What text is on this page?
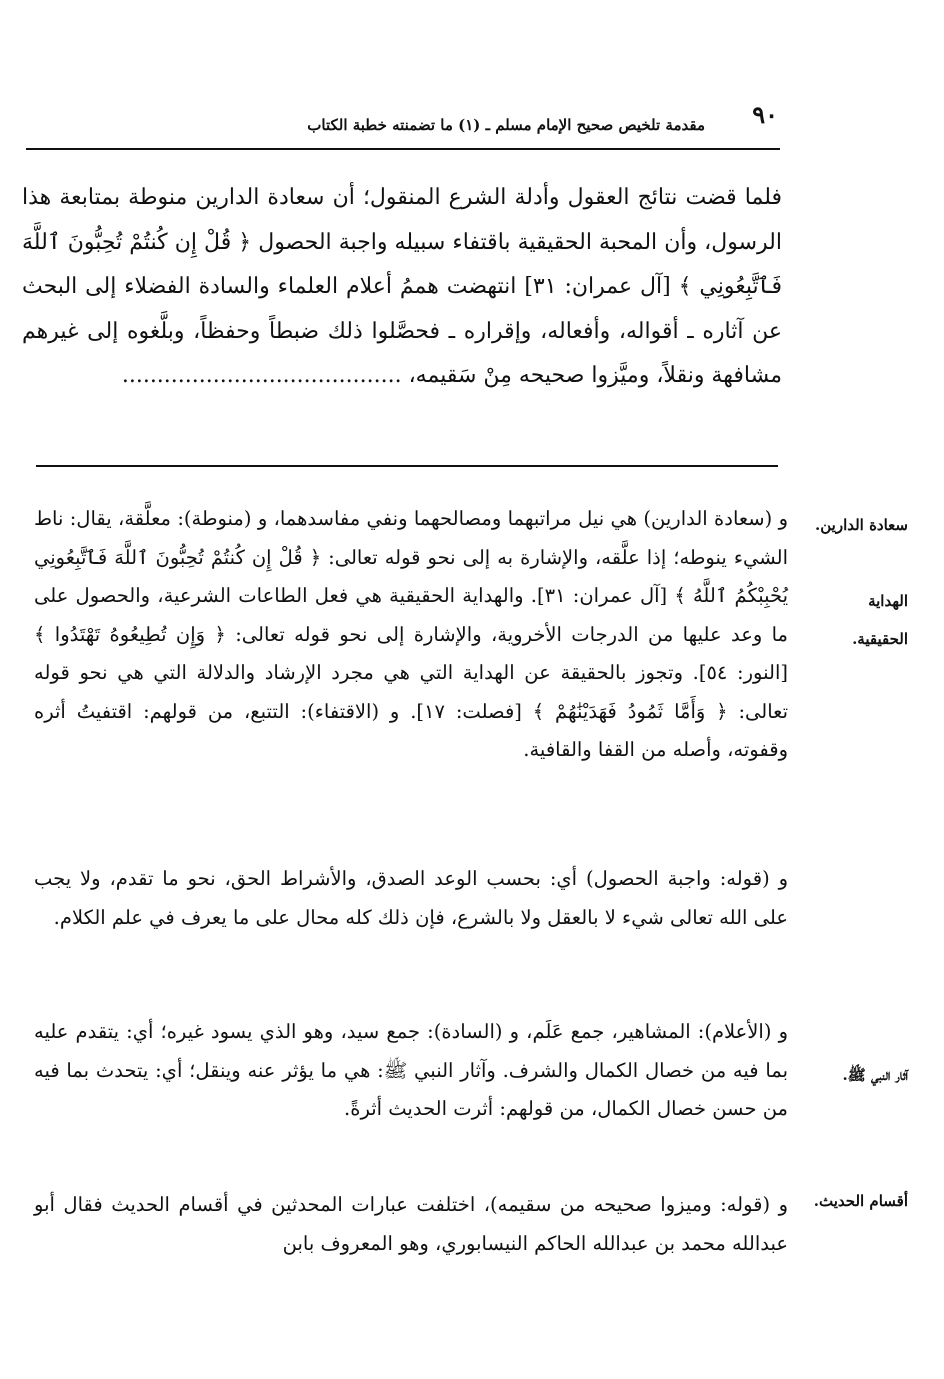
٩٠
مقدمة تلخيص صحيح الإمام مسلم ـ (١) ما تضمنته خطبة الكتاب

فلما قضت نتائج العقول وأدلة الشرع المنقول؛ أن سعادة الدارين منوطة بمتابعة هذا الرسول، وأن المحبة الحقيقية باقتفاء سبيله واجبة الحصول ﴿ قُلْ إِن كُنتُمْ تُحِبُّونَ ٱللَّهَ فَٱتَّبِعُونِي ﴾ [آل عمران: ٣١] انتهضت هممُ أعلام العلماء والسادة الفضلاء إلى البحث عن آثاره ـ أقواله، وأفعاله، وإقراره ـ فحصَّلوا ذلك ضبطاً وحفظاً، وبلَّغوه إلى غيرهم مشافهة ونقلاً، وميَّزوا صحيحه مِنْ سَقيمه، ........................................

سعادة الدارين.
الهداية
الحقيقية.
آثار النبي ﷺ.
أقسام الحديث.

و (سعادة الدارين) هي نيل مراتبهما ومصالحهما ونفي مفاسدهما، و (منوطة): معلَّقة، يقال: ناط الشيء ينوطه؛ إذا علَّقه، والإشارة به إلى نحو قوله تعالى: ﴿ قُلْ إِن كُنتُمْ تُحِبُّونَ ٱللَّهَ فَٱتَّبِعُونِي يُحْبِبْكُمُ ٱللَّهُ ﴾ [آل عمران: ٣١]. والهداية الحقيقية هي فعل الطاعات الشرعية، والحصول على ما وعد عليها من الدرجات الأخروية، والإشارة إلى نحو قوله تعالى: ﴿ وَإِن تُطِيعُوهُ تَهْتَدُوا ﴾ [النور: ٥٤]. وتجوز بالحقيقة عن الهداية التي هي مجرد الإرشاد والدلالة التي هي نحو قوله تعالى: ﴿ وَأَمَّا ثَمُودُ فَهَدَيْنَٰهُمْ ﴾ [فصلت: ١٧]. و (الاقتفاء): التتبع، من قولهم: اقتفيتُ أثره وقفوته، وأصله من القفا والقافية.

و (قوله: واجبة الحصول) أي: بحسب الوعد الصدق، والأشراط الحق، نحو ما تقدم، ولا يجب على الله تعالى شيء لا بالعقل ولا بالشرع، فإن ذلك كله محال على ما يعرف في علم الكلام.

و (الأعلام): المشاهير، جمع عَلَم، و (السادة): جمع سيد، وهو الذي يسود غيره؛ أي: يتقدم عليه بما فيه من خصال الكمال والشرف. وآثار النبي ﷺ: هي ما يؤثر عنه وينقل؛ أي: يتحدث بما فيه من حسن خصال الكمال، من قولهم: أثرت الحديث أثرةً.

و (قوله: وميزوا صحيحه من سقيمه)، اختلفت عبارات المحدثين في أقسام الحديث فقال أبو عبدالله محمد بن عبدالله الحاكم النيسابوري، وهو المعروف بابن
